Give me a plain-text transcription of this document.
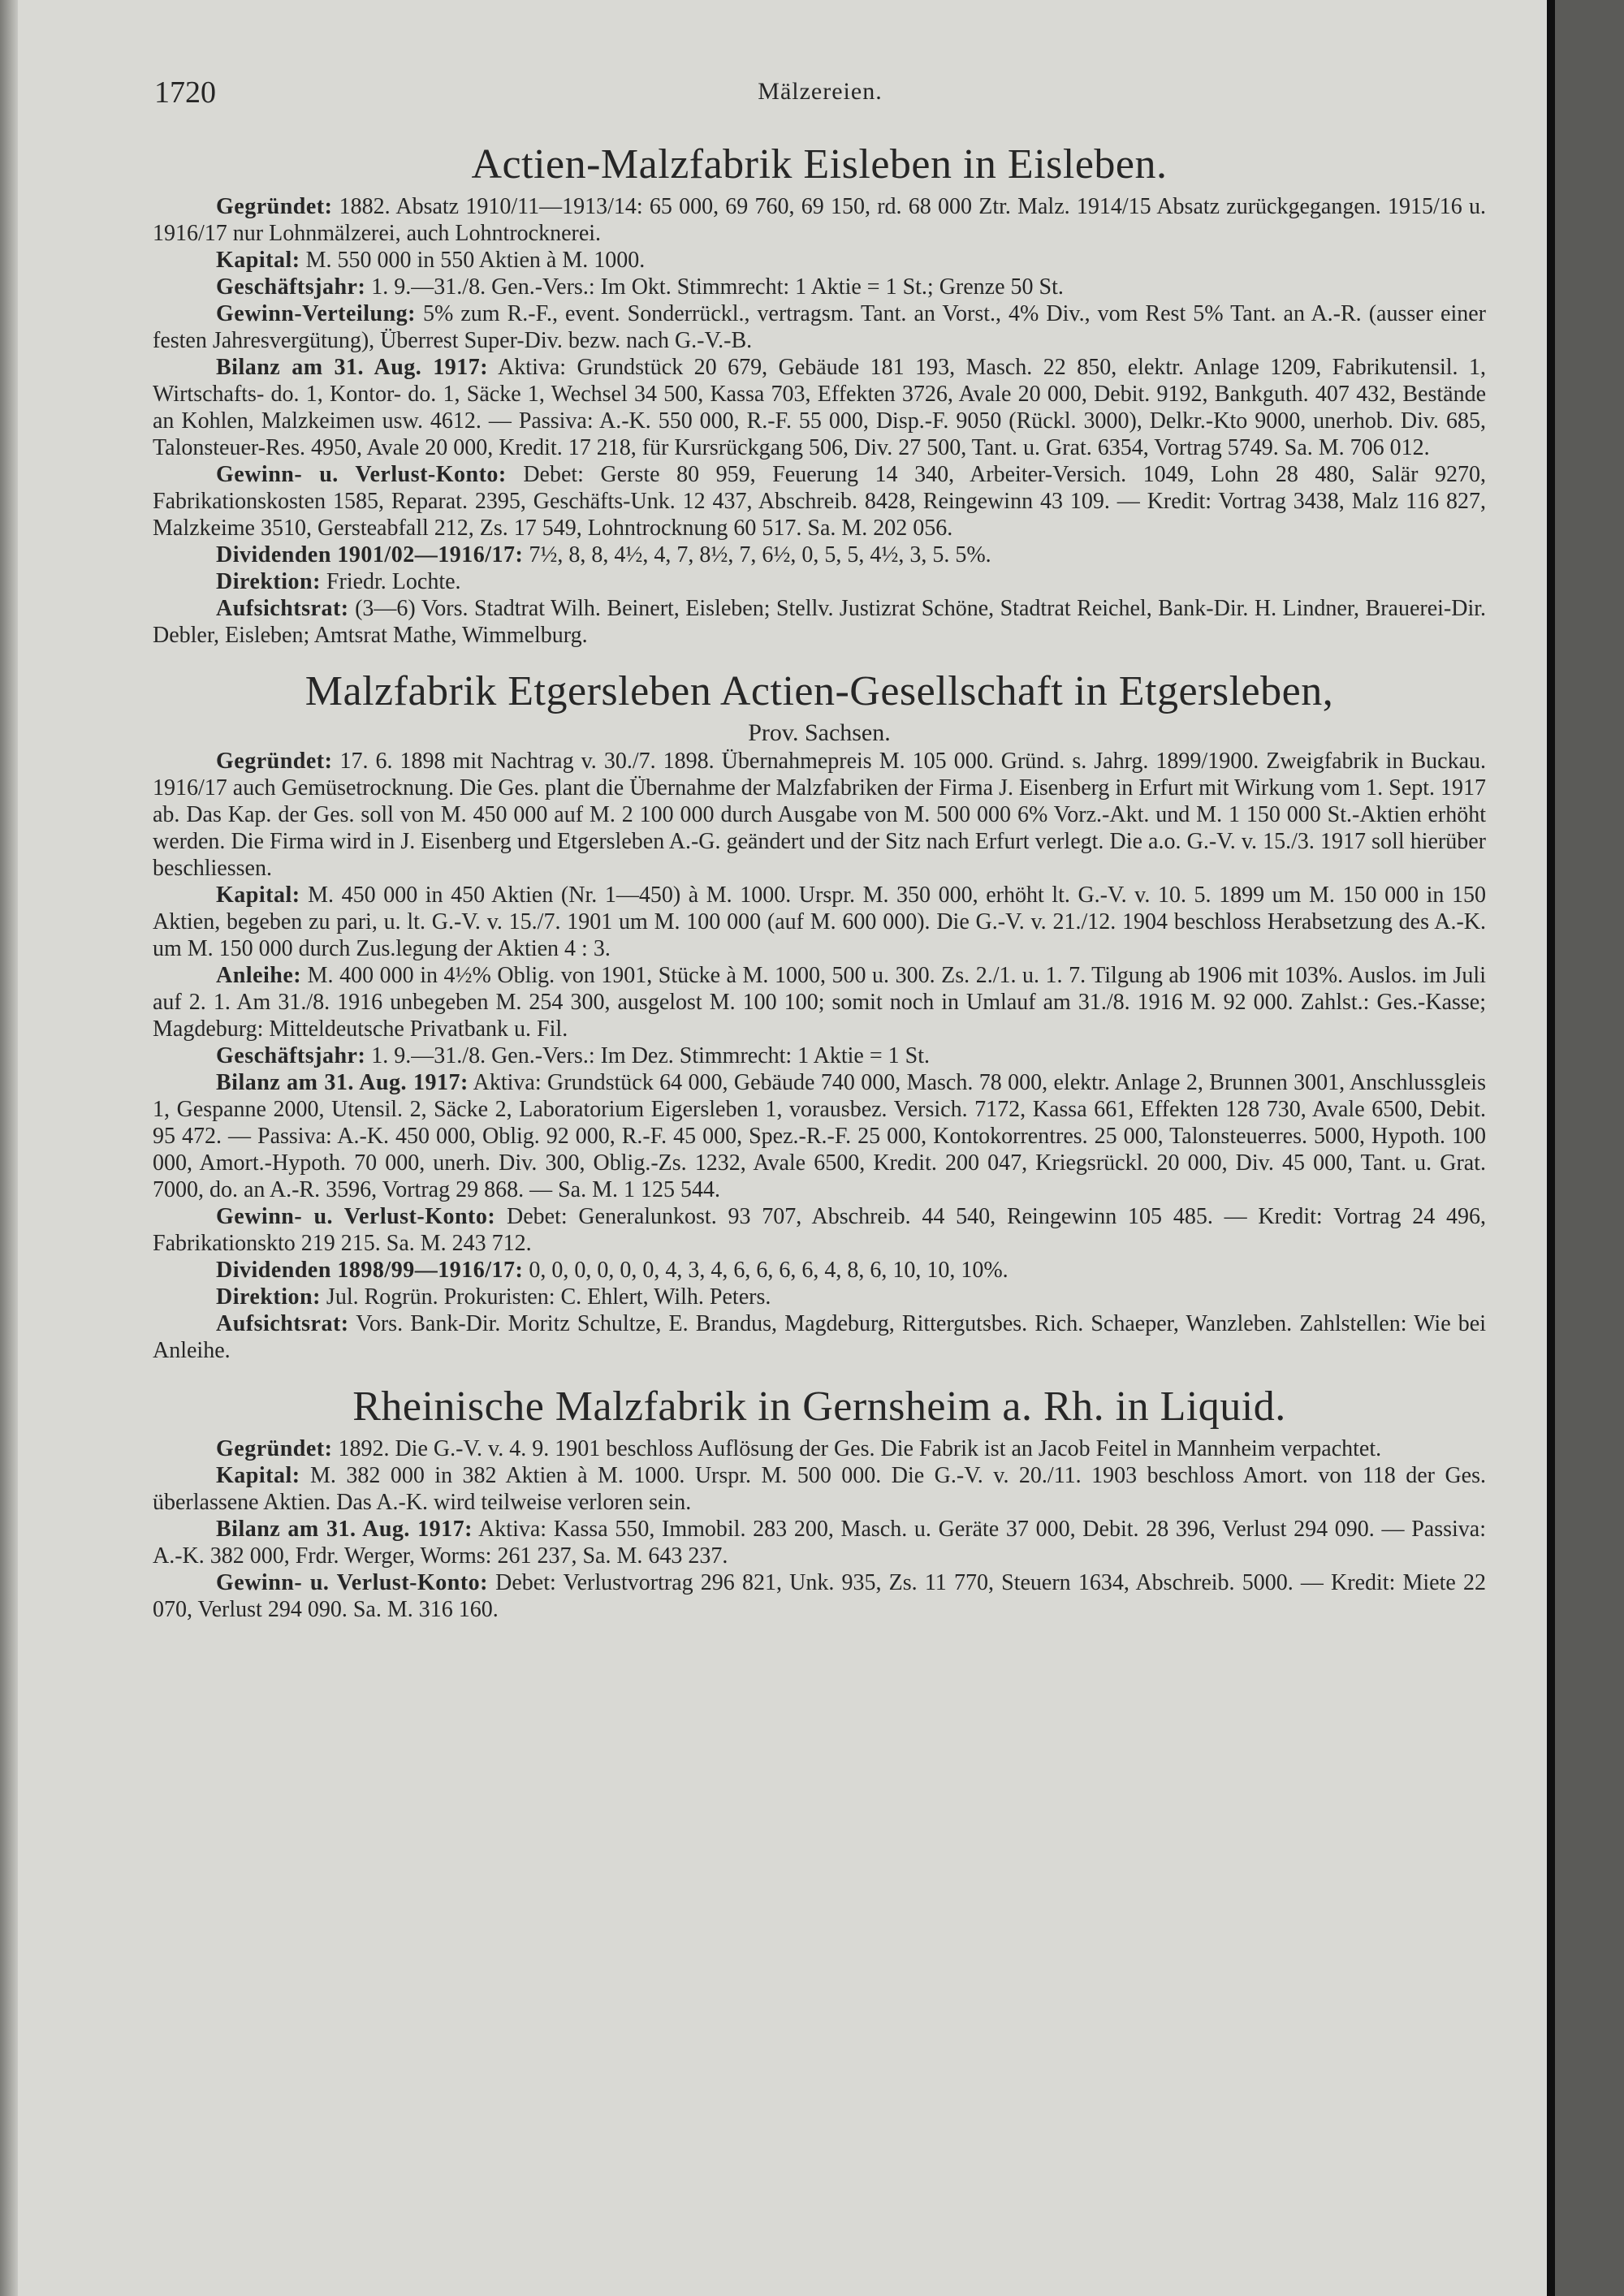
1720	Mälzereien.
Actien-Malzfabrik Eisleben in Eisleben.

Gegründet: 1882. Absatz 1910/11—1913/14: 65 000, 69 760, 69 150, rd. 68 000 Ztr. Malz. 1914/15 Absatz zurückgegangen. 1915/16 u. 1916/17 nur Lohnmälzerei, auch Lohntrocknerei.

Kapital: M. 550 000 in 550 Aktien à M. 1000.

Geschäftsjahr: 1. 9.—31./8. Gen.-Vers.: Im Okt. Stimmrecht: 1 Aktie = 1 St.; Grenze 50 St.

Gewinn-Verteilung: 5% zum R.-F., event. Sonderrückl., vertragsm. Tant. an Vorst., 4% Div., vom Rest 5% Tant. an A.-R. (ausser einer festen Jahresvergütung), Überrest Super-Div. bezw. nach G.-V.-B.

Bilanz am 31. Aug. 1917: Aktiva: Grundstück 20 679, Gebäude 181 193, Masch. 22 850, elektr. Anlage 1209, Fabrikutensil. 1, Wirtschafts- do. 1, Kontor- do. 1, Säcke 1, Wechsel 34 500, Kassa 703, Effekten 3726, Avale 20 000, Debit. 9192, Bankguth. 407 432, Bestände an Kohlen, Malzkeimen usw. 4612. — Passiva: A.-K. 550 000, R.-F. 55 000, Disp.-F. 9050 (Rückl. 3000), Delkr.-Kto 9000, unerhob. Div. 685, Talonsteuer-Res. 4950, Avale 20 000, Kredit. 17 218, für Kursrückgang 506, Div. 27 500, Tant. u. Grat. 6354, Vortrag 5749. Sa. M. 706 012.

Gewinn- u. Verlust-Konto: Debet: Gerste 80 959, Feuerung 14 340, Arbeiter-Versich. 1049, Lohn 28 480, Salär 9270, Fabrikationskosten 1585, Reparat. 2395, Geschäfts-Unk. 12 437, Abschreib. 8428, Reingewinn 43 109. — Kredit: Vortrag 3438, Malz 116 827, Malzkeime 3510, Gersteabfall 212, Zs. 17 549, Lohntrocknung 60 517. Sa. M. 202 056.

Dividenden 1901/02—1916/17: 7½, 8, 8, 4½, 4, 7, 8½, 7, 6½, 0, 5, 5, 4½, 3, 5. 5%.

Direktion: Friedr. Lochte.

Aufsichtsrat: (3—6) Vors. Stadtrat Wilh. Beinert, Eisleben; Stellv. Justizrat Schöne, Stadtrat Reichel, Bank-Dir. H. Lindner, Brauerei-Dir. Debler, Eisleben; Amtsrat Mathe, Wimmelburg.

Malzfabrik Etgersleben Actien-Gesellschaft in Etgersleben,
Prov. Sachsen.

Gegründet: 17. 6. 1898 mit Nachtrag v. 30./7. 1898. Übernahmepreis M. 105 000. Gründ. s. Jahrg. 1899/1900. Zweigfabrik in Buckau. 1916/17 auch Gemüsetrocknung. Die Ges. plant die Übernahme der Malzfabriken der Firma J. Eisenberg in Erfurt mit Wirkung vom 1. Sept. 1917 ab. Das Kap. der Ges. soll von M. 450 000 auf M. 2 100 000 durch Ausgabe von M. 500 000 6% Vorz.-Akt. und M. 1 150 000 St.-Aktien erhöht werden. Die Firma wird in J. Eisenberg und Etgersleben A.-G. geändert und der Sitz nach Erfurt verlegt. Die a.o. G.-V. v. 15./3. 1917 soll hierüber beschliessen.

Kapital: M. 450 000 in 450 Aktien (Nr. 1—450) à M. 1000. Urspr. M. 350 000, erhöht lt. G.-V. v. 10. 5. 1899 um M. 150 000 in 150 Aktien, begeben zu pari, u. lt. G.-V. v. 15./7. 1901 um M. 100 000 (auf M. 600 000). Die G.-V. v. 21./12. 1904 beschloss Herabsetzung des A.-K. um M. 150 000 durch Zus.legung der Aktien 4 : 3.

Anleihe: M. 400 000 in 4½% Oblig. von 1901, Stücke à M. 1000, 500 u. 300. Zs. 2./1. u. 1. 7. Tilgung ab 1906 mit 103%. Auslos. im Juli auf 2. 1. Am 31./8. 1916 unbegeben M. 254 300, ausgelost M. 100 100; somit noch in Umlauf am 31./8. 1916 M. 92 000. Zahlst.: Ges.-Kasse; Magdeburg: Mitteldeutsche Privatbank u. Fil.

Geschäftsjahr: 1. 9.—31./8. Gen.-Vers.: Im Dez. Stimmrecht: 1 Aktie = 1 St.

Bilanz am 31. Aug. 1917: Aktiva: Grundstück 64 000, Gebäude 740 000, Masch. 78 000, elektr. Anlage 2, Brunnen 3001, Anschlussgleis 1, Gespanne 2000, Utensil. 2, Säcke 2, Laboratorium Eigersleben 1, vorausbez. Versich. 7172, Kassa 661, Effekten 128 730, Avale 6500, Debit. 95 472. — Passiva: A.-K. 450 000, Oblig. 92 000, R.-F. 45 000, Spez.-R.-F. 25 000, Kontokorrentres. 25 000, Talonsteuerres. 5000, Hypoth. 100 000, Amort.-Hypoth. 70 000, unerh. Div. 300, Oblig.-Zs. 1232, Avale 6500, Kredit. 200 047, Kriegsrückl. 20 000, Div. 45 000, Tant. u. Grat. 7000, do. an A.-R. 3596, Vortrag 29 868. — Sa. M. 1 125 544.

Gewinn- u. Verlust-Konto: Debet: Generalunkost. 93 707, Abschreib. 44 540, Reingewinn 105 485. — Kredit: Vortrag 24 496, Fabrikationskto 219 215. Sa. M. 243 712.

Dividenden 1898/99—1916/17: 0, 0, 0, 0, 0, 0, 4, 3, 4, 6, 6, 6, 6, 4, 8, 6, 10, 10, 10%.

Direktion: Jul. Rogrün. Prokuristen: C. Ehlert, Wilh. Peters.

Aufsichtsrat: Vors. Bank-Dir. Moritz Schultze, E. Brandus, Magdeburg, Rittergutsbes. Rich. Schaeper, Wanzleben. Zahlstellen: Wie bei Anleihe.

Rheinische Malzfabrik in Gernsheim a. Rh. in Liquid.

Gegründet: 1892. Die G.-V. v. 4. 9. 1901 beschloss Auflösung der Ges. Die Fabrik ist an Jacob Feitel in Mannheim verpachtet.

Kapital: M. 382 000 in 382 Aktien à M. 1000. Urspr. M. 500 000. Die G.-V. v. 20./11. 1903 beschloss Amort. von 118 der Ges. überlassene Aktien. Das A.-K. wird teilweise verloren sein.

Bilanz am 31. Aug. 1917: Aktiva: Kassa 550, Immobil. 283 200, Masch. u. Geräte 37 000, Debit. 28 396, Verlust 294 090. — Passiva: A.-K. 382 000, Frdr. Werger, Worms: 261 237, Sa. M. 643 237.

Gewinn- u. Verlust-Konto: Debet: Verlustvortrag 296 821, Unk. 935, Zs. 11 770, Steuern 1634, Abschreib. 5000. — Kredit: Miete 22 070, Verlust 294 090. Sa. M. 316 160.
